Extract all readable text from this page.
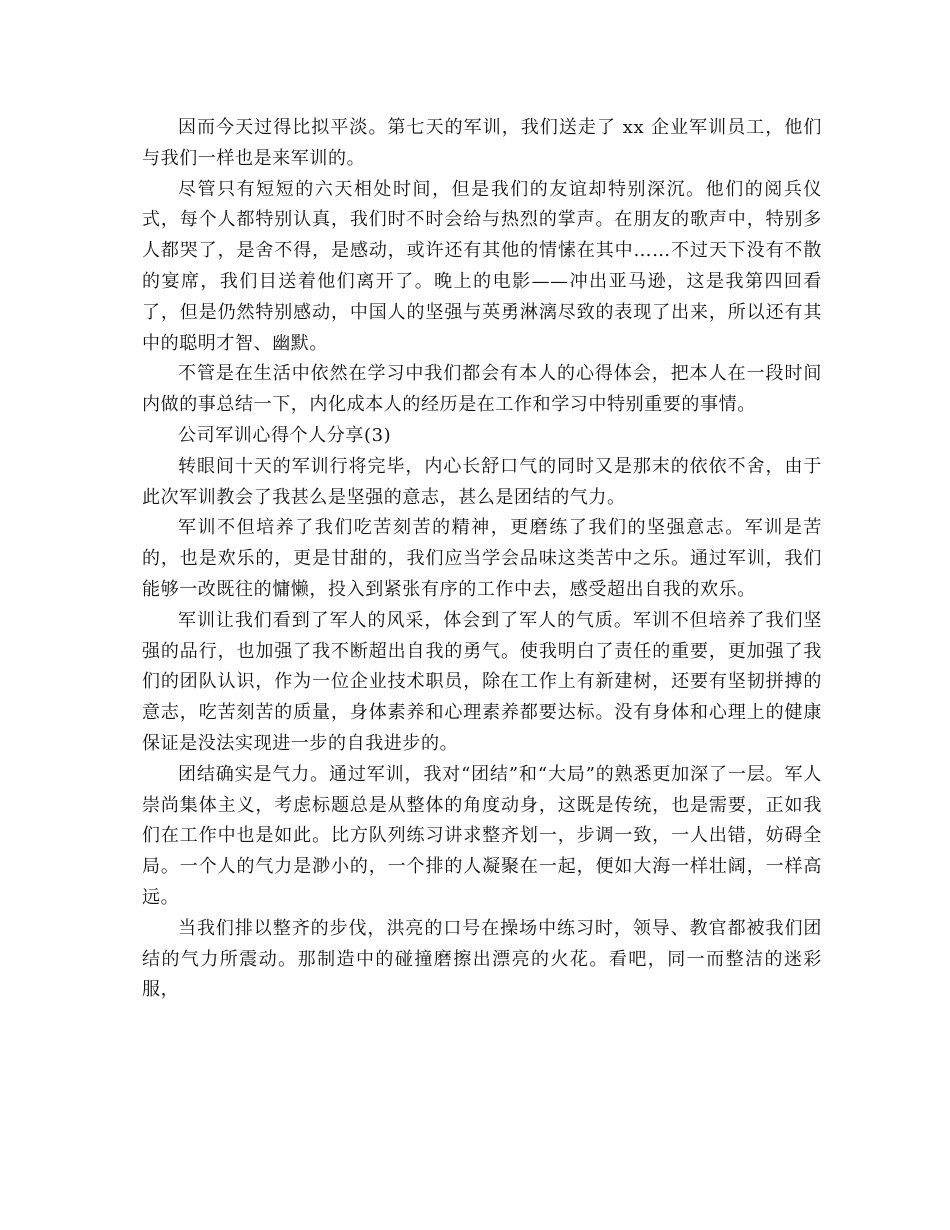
因而今天过得比拟平淡。第七天的军训，我们送走了 xx 企业军训员工，他们与我们一样也是来军训的。

尽管只有短短的六天相处时间，但是我们的友谊却特别深沉。他们的阅兵仪式，每个人都特别认真，我们时不时会给与热烈的掌声。在朋友的歌声中，特别多人都哭了，是舍不得，是感动，或许还有其他的情愫在其中……不过天下没有不散的宴席，我们目送着他们离开了。晚上的电影——冲出亚马逊，这是我第四回看了，但是仍然特别感动，中国人的坚强与英勇淋漓尽致的表现了出来，所以还有其中的聪明才智、幽默。

不管是在生活中依然在学习中我们都会有本人的心得体会，把本人在一段时间内做的事总结一下，内化成本人的经历是在工作和学习中特别重要的事情。

公司军训心得个人分享(3)

转眼间十天的军训行将完毕，内心长舒口气的同时又是那末的依依不舍，由于此次军训教会了我甚么是坚强的意志，甚么是团结的气力。

军训不但培养了我们吃苦刻苦的精神，更磨练了我们的坚强意志。军训是苦的，也是欢乐的，更是甘甜的，我们应当学会品味这类苦中之乐。通过军训，我们能够一改既往的慵懒，投入到紧张有序的工作中去，感受超出自我的欢乐。

军训让我们看到了军人的风采，体会到了军人的气质。军训不但培养了我们坚强的品行，也加强了我不断超出自我的勇气。使我明白了责任的重要，更加强了我们的团队认识，作为一位企业技术职员，除在工作上有新建树，还要有坚韧拼搏的意志，吃苦刻苦的质量，身体素养和心理素养都要达标。没有身体和心理上的健康保证是没法实现进一步的自我进步的。

团结确实是气力。通过军训，我对“团结”和“大局”的熟悉更加深了一层。军人崇尚集体主义，考虑标题总是从整体的角度动身，这既是传统，也是需要，正如我们在工作中也是如此。比方队列练习讲求整齐划一，步调一致，一人出错，妨碍全局。一个人的气力是渺小的，一个排的人凝聚在一起，便如大海一样壮阔，一样高远。

当我们排以整齐的步伐，洪亮的口号在操场中练习时，领导、教官都被我们团结的气力所震动。那制造中的碰撞磨擦出漂亮的火花。看吧，同一而整洁的迷彩服，
